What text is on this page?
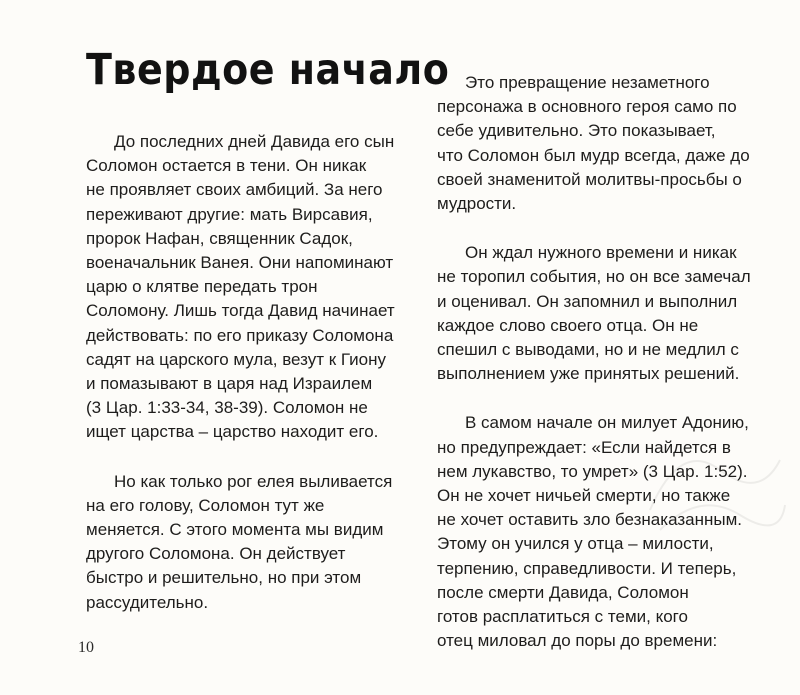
Твердое начало

До последних дней Давида его сын
Соломон остается в тени. Он никак
не проявляет своих амбиций. За него
переживают другие: мать Вирсавия,
пророк Нафан, священник Садок,
военачальник Ванея. Они напоминают
царю о клятве передать трон
Соломону. Лишь тогда Давид начинает
действовать: по его приказу Соломона
садят на царского мула, везут к Гиону
и помазывают в царя над Израилем
(3 Цар. 1:33-34, 38-39). Соломон не
ищет царства – царство находит его.

Но как только рог елея выливается
на его голову, Соломон тут же
меняется. С этого момента мы видим
другого Соломона. Он действует
быстро и решительно, но при этом
рассудительно.

Это превращение незаметного
персонажа в основного героя само по
себе удивительно. Это показывает,
что Соломон был мудр всегда, даже до
своей знаменитой молитвы-просьбы о
мудрости.

Он ждал нужного времени и никак
не торопил события, но он все замечал
и оценивал. Он запомнил и выполнил
каждое слово своего отца. Он не
спешил с выводами, но и не медлил с
выполнением уже принятых решений.

В самом начале он милует Адонию,
но предупреждает: «Если найдется в
нем лукавство, то умрет» (3 Цар. 1:52).
Он не хочет ничьей смерти, но также
не хочет оставить зло безнаказанным.
Этому он учился у отца – милости,
терпению, справедливости. И теперь,
после смерти Давида, Соломон
готов расплатиться с теми, кого
отец миловал до поры до времени:

10
